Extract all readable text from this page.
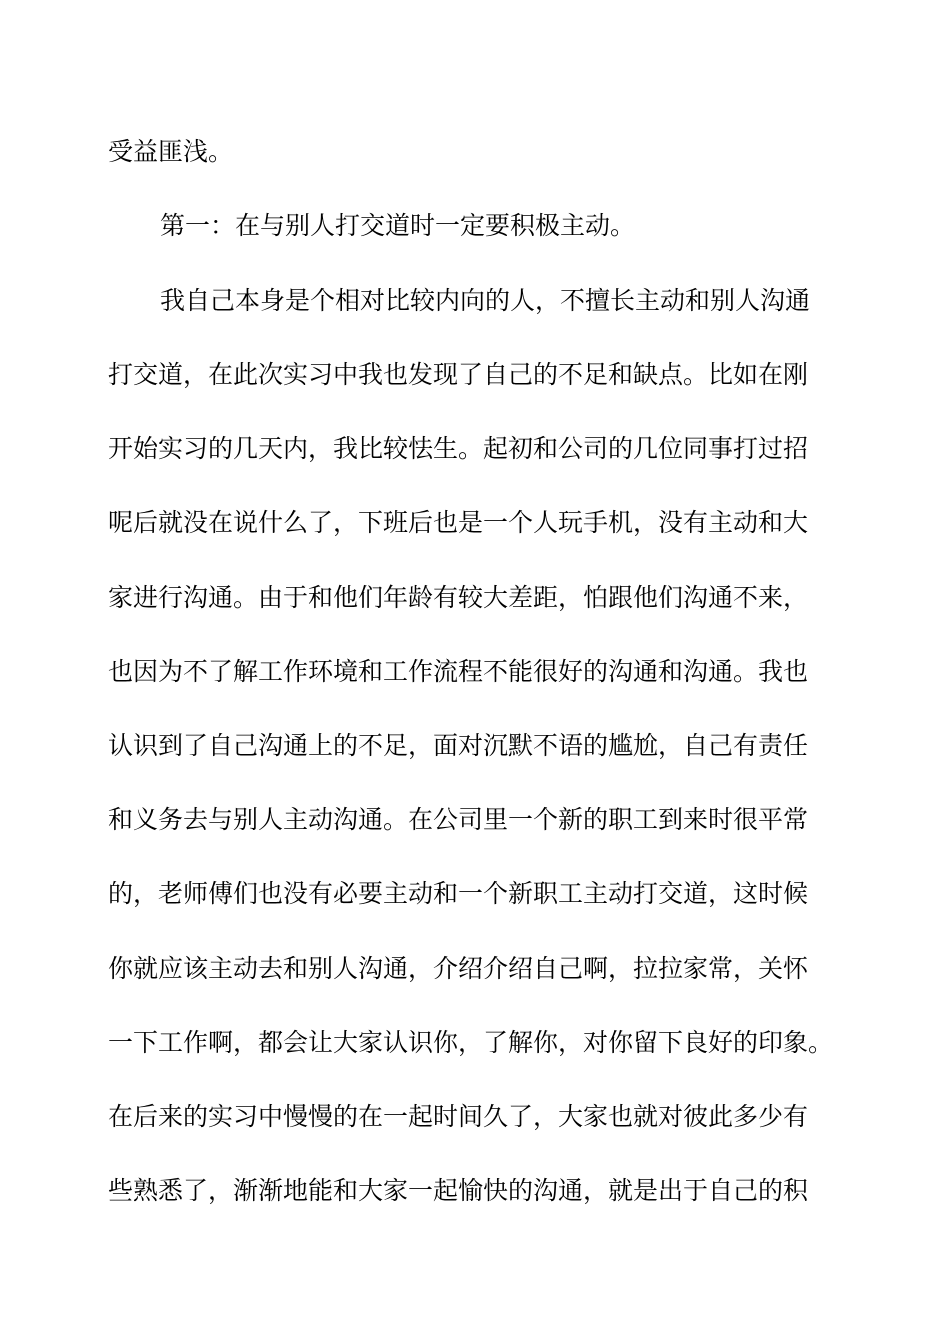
受益匪浅。
第一：在与别人打交道时一定要积极主动。
我自己本身是个相对比较内向的人，不擅长主动和别人沟通
打交道，在此次实习中我也发现了自己的不足和缺点。比如在刚
开始实习的几天内，我比较怯生。起初和公司的几位同事打过招
呢后就没在说什么了，下班后也是一个人玩手机，没有主动和大
家进行沟通。由于和他们年龄有较大差距，怕跟他们沟通不来，
也因为不了解工作环境和工作流程不能很好的沟通和沟通。我也
认识到了自己沟通上的不足，面对沉默不语的尴尬，自己有责任
和义务去与别人主动沟通。在公司里一个新的职工到来时很平常
的，老师傅们也没有必要主动和一个新职工主动打交道，这时候
你就应该主动去和别人沟通，介绍介绍自己啊，拉拉家常，关怀
一下工作啊，都会让大家认识你，了解你，对你留下良好的印象。
在后来的实习中慢慢的在一起时间久了，大家也就对彼此多少有
些熟悉了，渐渐地能和大家一起愉快的沟通，就是出于自己的积
